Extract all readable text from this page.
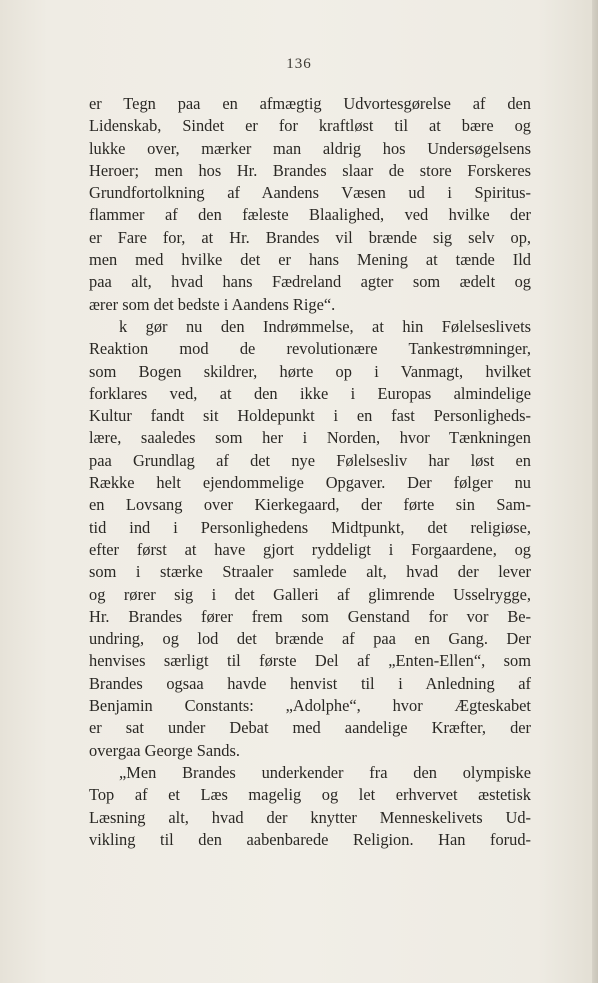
136
er Tegn paa en afmægtig Udvortesgørelse af den
Lidenskab, Sindet er for kraftløst til at bære og
lukke over, mærker man aldrig hos Undersøgelsens
Heroer; men hos Hr. Brandes slaar de store Forskeres
Grundfortolkning af Aandens Væsen ud i Spiritus-
flammer af den fæleste Blaalighed, ved hvilke der
er Fare for, at Hr. Brandes vil brænde sig selv op,
men med hvilke det er hans Mening at tænde Ild
paa alt, hvad hans Fædreland agter som ædelt og
ærer som det bedste i Aandens Rige“.
k gør nu den Indrømmelse, at hin Følelseslivets
Reaktion mod de revolutionære Tankestrømninger,
som Bogen skildrer, hørte op i Vanmagt, hvilket
forklares ved, at den ikke i Europas almindelige
Kultur fandt sit Holdepunkt i en fast Personligheds-
lære, saaledes som her i Norden, hvor Tænkningen
paa Grundlag af det nye Følelsesliv har løst en
Række helt ejendommelige Opgaver. Der følger nu
en Lovsang over Kierkegaard, der førte sin Sam-
tid ind i Personlighedens Midtpunkt, det religiøse,
efter først at have gjort ryddeligt i Forgaardene, og
som i stærke Straaler samlede alt, hvad der lever
og rører sig i det Galleri af glimrende Usselrygge,
Hr. Brandes fører frem som Genstand for vor Be-
undring, og lod det brænde af paa en Gang. Der
henvises særligt til første Del af „Enten-Ellen“, som
Brandes ogsaa havde henvist til i Anledning af
Benjamin Constants: „Adolphe“, hvor Ægteskabet
er sat under Debat med aandelige Kræfter, der
overgaa George Sands.
„Men Brandes underkender fra den olympiske
Top af et Læs magelig og let erhvervet æstetisk
Læsning alt, hvad der knytter Menneskelivets Ud-
vikling til den aabenbarede Religion. Han forud-
